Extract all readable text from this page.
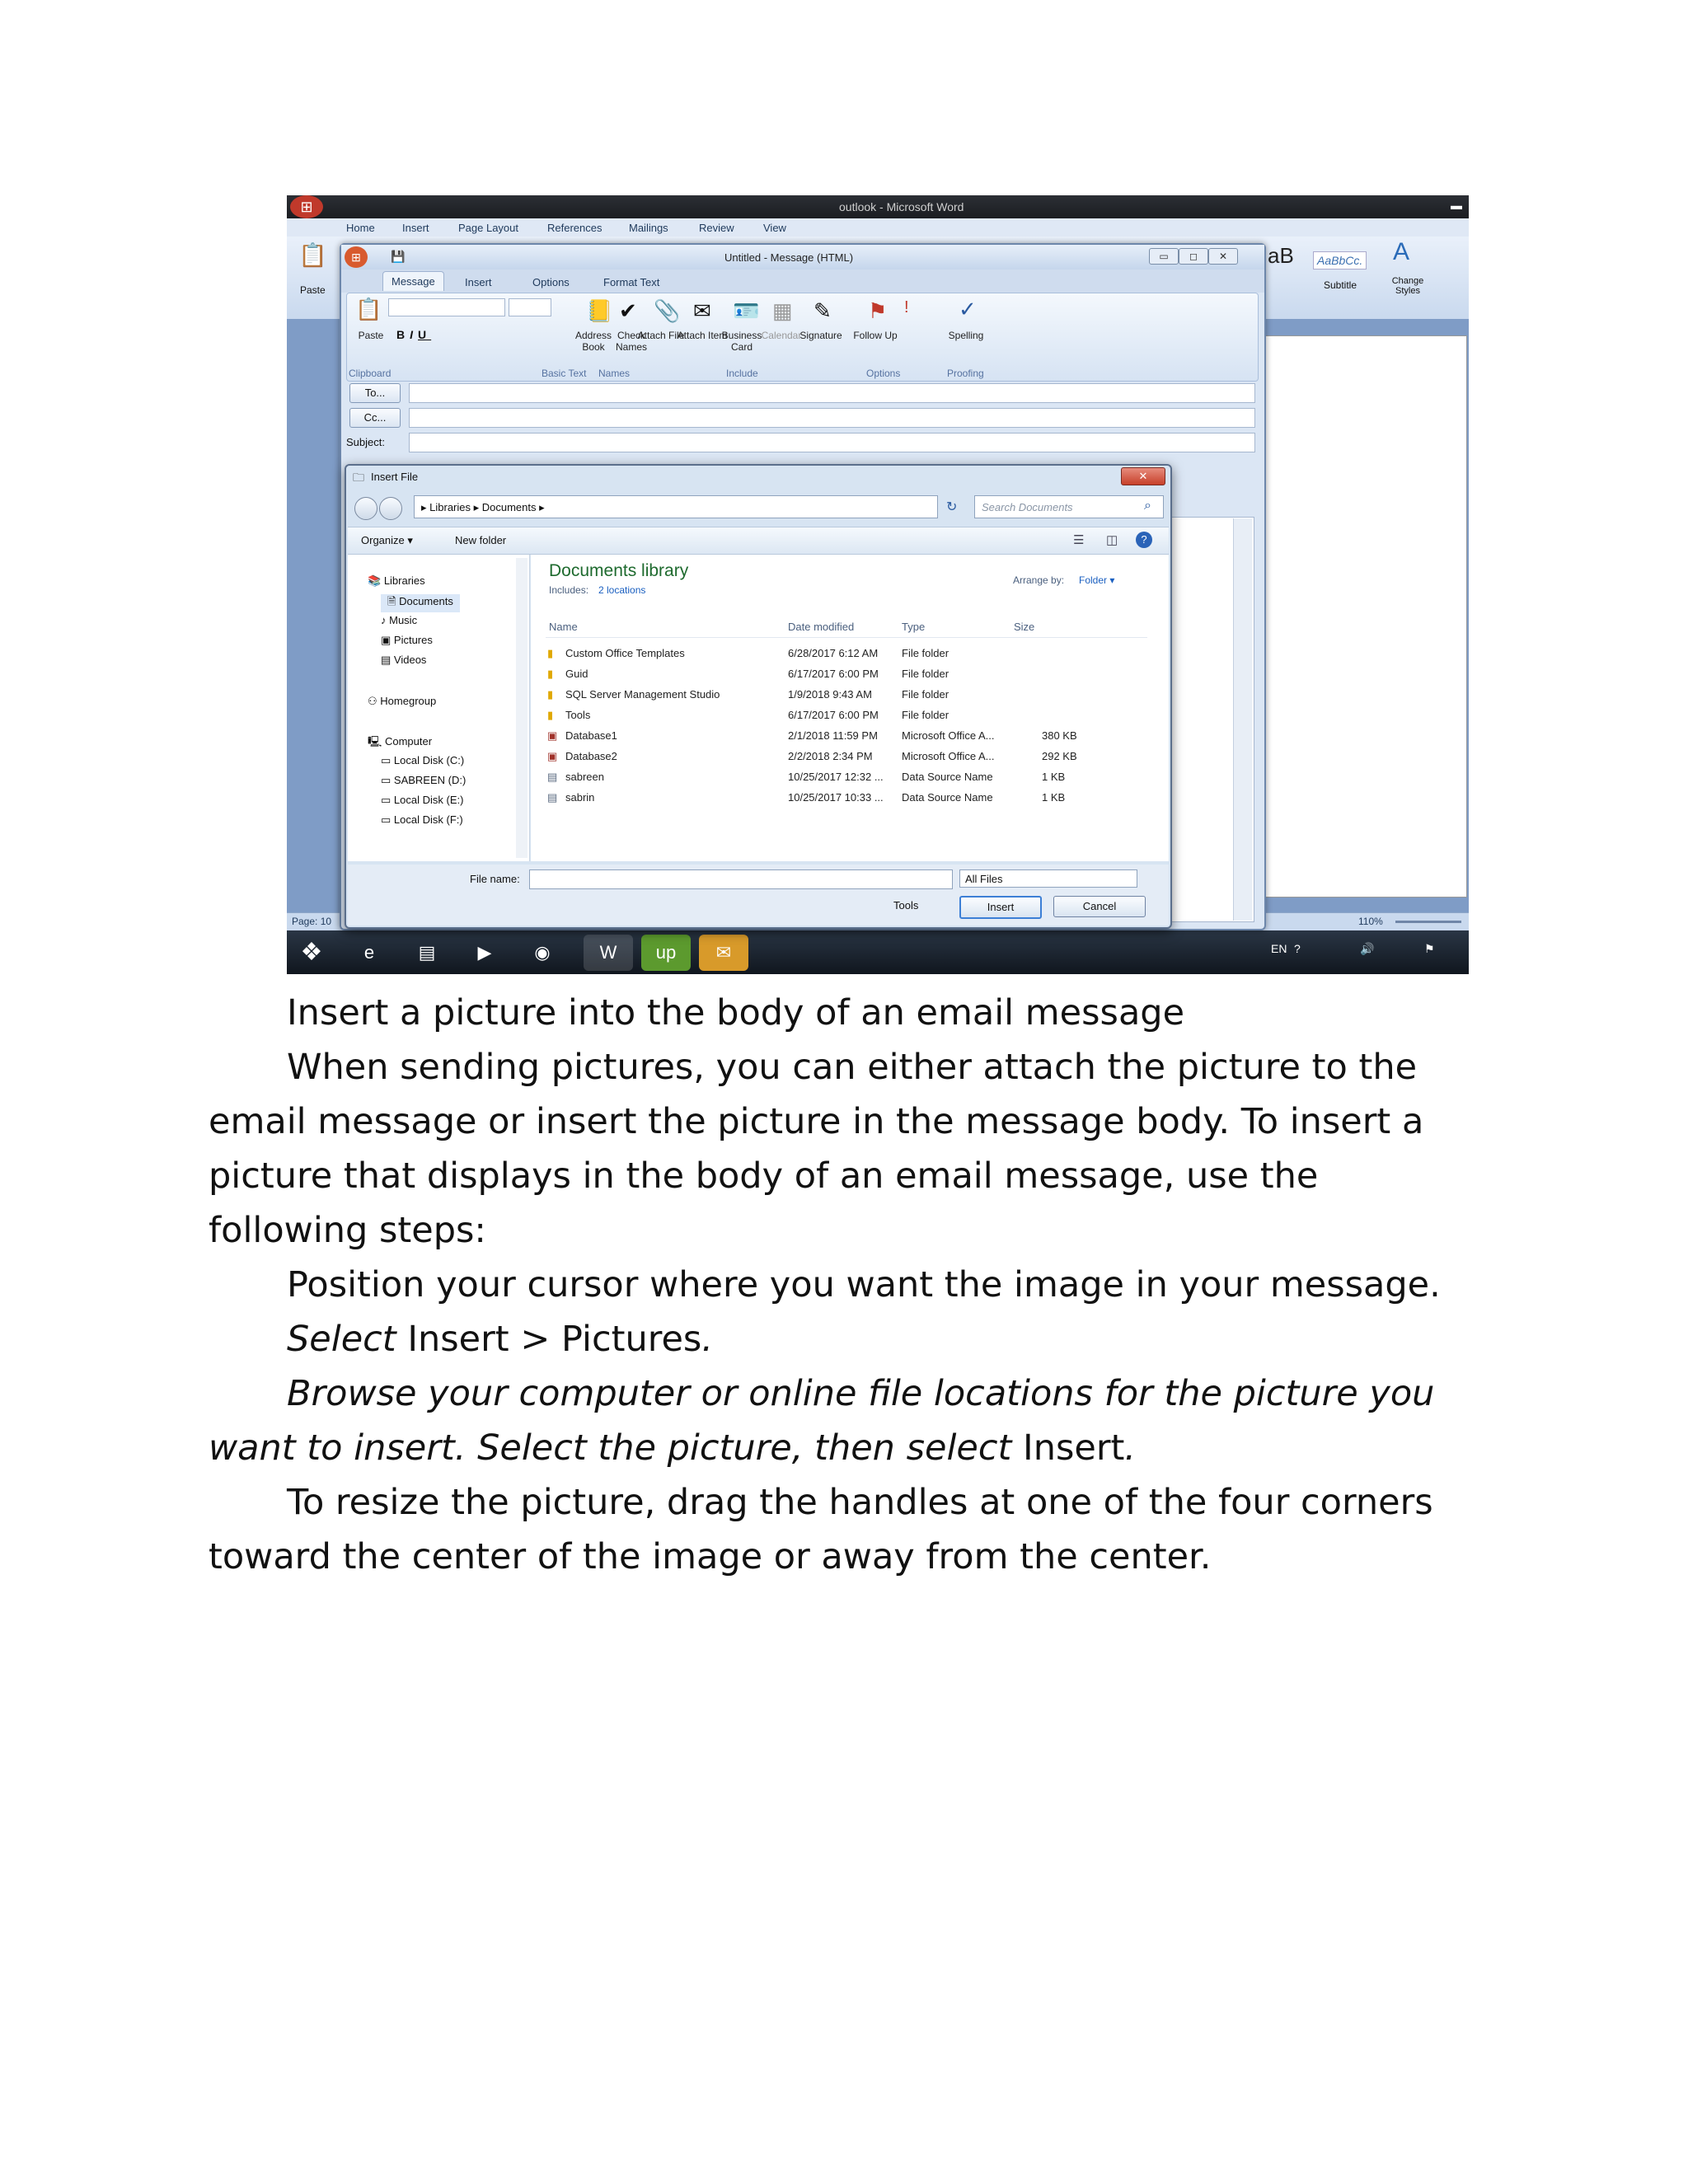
⊞	outlook - Microsoft Word	▬
Home	Insert	Page Layout	References	Mailings	Review	View
📋
Paste
aB	AaBbCc.
Subtitle
A
Change Styles
Page: 10	110%
❖	e	▤	▶	◉	W	up	✉	EN ?	🔊	⚑
⊞	💾	Untitled - Message (HTML)	▭	◻	✕
Message	Insert	Options	Format Text
📋
Paste
Clipboard
BIU
Basic Text
📒
Address Book
✔
Check Names
Names
📎
Attach File
✉
Attach Item
🪪
Business Card
▦
Calendar
✎
Signature
Include
⚑
Follow Up
!
Options
✓
Spelling
Proofing
To...
Cc...
Subject:
🗀 Insert File	✕
▸ Libraries ▸ Documents ▸	↻	Search Documents	⌕
Organize ▾	New folder	☰ ◫	?
📚 Libraries
🗎 Documents
♪ Music
▣ Pictures
▤ Videos
⚇ Homegroup
🖳 Computer
▭ Local Disk (C:)
▭ SABREEN (D:)
▭ Local Disk (E:)
▭ Local Disk (F:)
Documents library
Includes: 2 locations
Arrange by: Folder ▾
Name	Date modified	Type	Size
▮ Custom Office Templates	6/28/2017 6:12 AM File folder
▮ Guid	6/17/2017 6:00 PM File folder
▮ SQL Server Management Studio	1/9/2018 9:43 AM	File folder
▮ Tools	6/17/2017 6:00 PM File folder
▣ Database1	2/1/2018 11:59 PM Microsoft Office A...	380 KB
▣ Database2	2/2/2018 2:34 PM	Microsoft Office A...	292 KB
▤ sabreen	10/25/2017 12:32 ... Data Source Name	1 KB
▤ sabrin	10/25/2017 10:33 ... Data Source Name	1 KB
File name:	All Files
Tools	Insert	Cancel

Insert a picture into the body of an email message

When sending pictures, you can either attach the picture to the email message or insert the picture in the message body. To insert a picture that displays in the body of an email message, use the following steps:

Position your cursor where you want the image in your message.

Select Insert > Pictures.

Browse your computer or online file locations for the picture you want to insert. Select the picture, then select Insert.

To resize the picture, drag the handles at one of the four corners toward the center of the image or away from the center.
